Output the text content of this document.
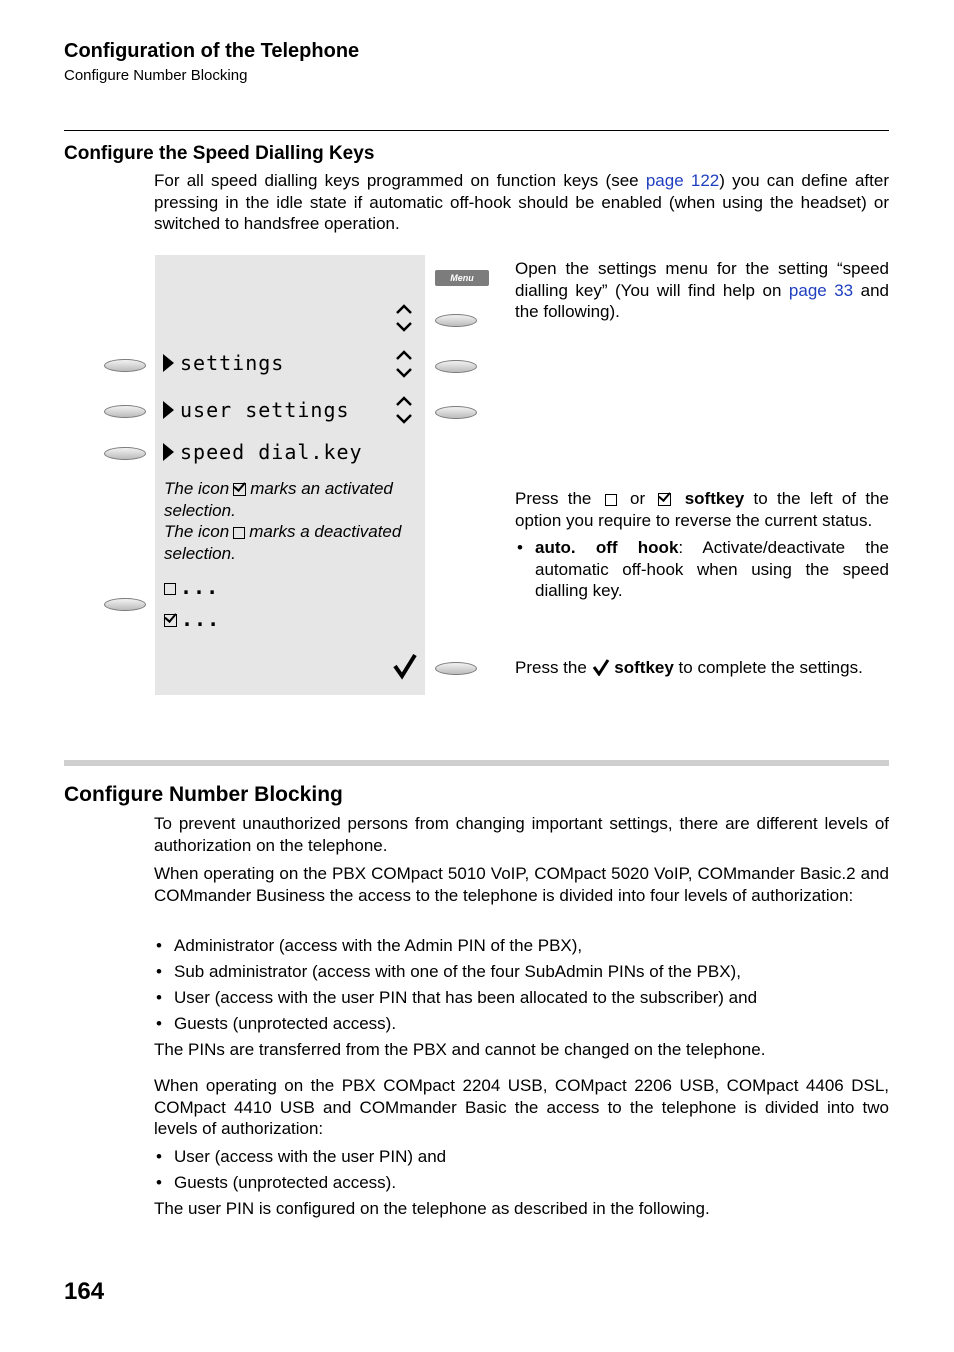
Configuration of the Telephone
Configure Number Blocking
Configure the Speed Dialling Keys
For all speed dialling keys programmed on function keys (see page 122) you can define after pressing in the idle state if automatic off-hook should be enabled (when using the headset) or switched to handsfree operation.
Menu
settings
user settings
speed dial.key
The icon marks an activated selection.
The icon marks a deactivated selection.
...
...
Open the settings menu for the setting “speed dialling key” (You will find help on page 33 and the following).
Press the or softkey to the left of the option you require to reverse the current status.
• auto. off hook: Activate/deactivate the automatic off-hook when using the speed dialling key.
Press the softkey to complete the settings.
Configure Number Blocking
To prevent unauthorized persons from changing important settings, there are different levels of authorization on the telephone.
When operating on the PBX COMpact 5010 VoIP, COMpact 5020 VoIP, COMmander Basic.2 and COMmander Business the access to the telephone is divided into four levels of authorization:
• Administrator (access with the Admin PIN of the PBX),
• Sub administrator (access with one of the four SubAdmin PINs of the PBX),
• User (access with the user PIN that has been allocated to the subscriber) and
• Guests (unprotected access).
The PINs are transferred from the PBX and cannot be changed on the telephone.
When operating on the PBX COMpact 2204 USB, COMpact 2206 USB, COMpact 4406 DSL, COMpact 4410 USB and COMmander Basic the access to the telephone is divided into two levels of authorization:
• User (access with the user PIN) and
• Guests (unprotected access).
The user PIN is configured on the telephone as described in the following.
164
